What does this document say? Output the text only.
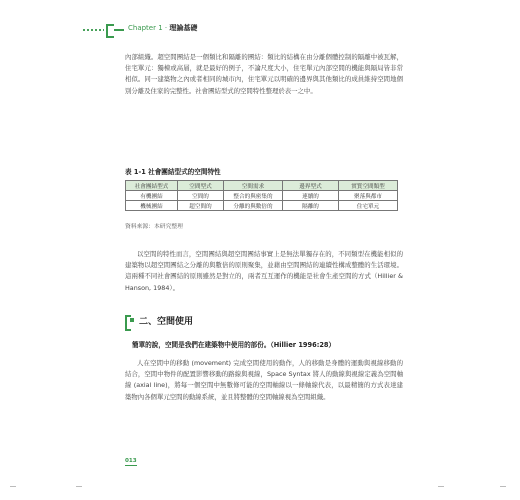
Chapter 1 · 理論基礎

內部組織。超空間團結是一個類比和隔離的團結：類比的結構在由分離個體控制的隔離中被瓦解，住宅單元：獨棟或高層，就是最好的例子，不論尺度大小，住宅單元內部空間的機能與隔局皆非常相似。同一建築物之內或者相同的城市內，住宅單元以明確的邊界與其他類比的成員維持空間地個別分離及住家的完整性。社會團結型式的空間特性整理於表一之中。

表 1-1 社會團結型式的空間特性
社會團結型式	空間型式	空間需求	邊界型式	實質空間類型
有機團結	空間的	整合的與密集的	連續的	聚落與都市
機械團結	超空間的	分離的與數倍的	隔離的	住宅單元
資料來源：本研究整理

以空間的特性而言，空間團結與超空間團結事實上是無法單獨存在的，不同類型在機能相似的建築物以超空間團結之分離的與數倍的原則聚集，並藉由空間團結的連續性構成整體的生活環境。這兩種不同社會團結的原則雖然是對立的，兩者互互運作的機能是社會生產空間的方式（Hillier & Hanson, 1984）。

二、空間使用
簡單的說，空間是我們在建築物中使用的部份。（Hillier 1996:28）

人在空間中的移動 (movement) 完成空間使用的動作，人的移動是身體的運動與視線移動的結合，空間中物件的配置影響移動的路線與視線，Space Syntax 將人的動線與視線定義為空間軸線 (axial line)，將每一個空間中無數條可能的空間軸線以一條軸線代表，以最精簡的方式表達建築物內各個單元空間的動線系統，並且將整體的空間軸線視為空間組織。

013
